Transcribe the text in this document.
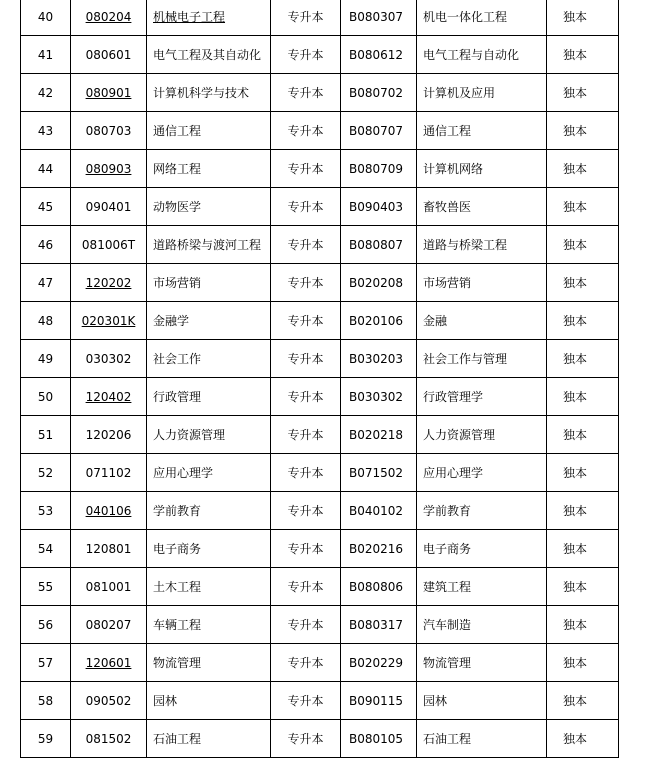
40	080204	机械电子工程	专升本	B080307	机电一体化工程	独本
41	080601	电气工程及其自动化	专升本	B080612	电气工程与自动化	独本
42	080901	计算机科学与技术	专升本	B080702	计算机及应用	独本
43	080703	通信工程	专升本	B080707	通信工程	独本
44	080903	网络工程	专升本	B080709	计算机网络	独本
45	090401	动物医学	专升本	B090403	畜牧兽医	独本
46	081006T	道路桥梁与渡河工程	专升本	B080807	道路与桥梁工程	独本
47	120202	市场营销	专升本	B020208	市场营销	独本
48	020301K	金融学	专升本	B020106	金融	独本
49	030302	社会工作	专升本	B030203	社会工作与管理	独本
50	120402	行政管理	专升本	B030302	行政管理学	独本
51	120206	人力资源管理	专升本	B020218	人力资源管理	独本
52	071102	应用心理学	专升本	B071502	应用心理学	独本
53	040106	学前教育	专升本	B040102	学前教育	独本
54	120801	电子商务	专升本	B020216	电子商务	独本
55	081001	土木工程	专升本	B080806	建筑工程	独本
56	080207	车辆工程	专升本	B080317	汽车制造	独本
57	120601	物流管理	专升本	B020229	物流管理	独本
58	090502	园林	专升本	B090115	园林	独本
59	081502	石油工程	专升本	B080105	石油工程	独本
